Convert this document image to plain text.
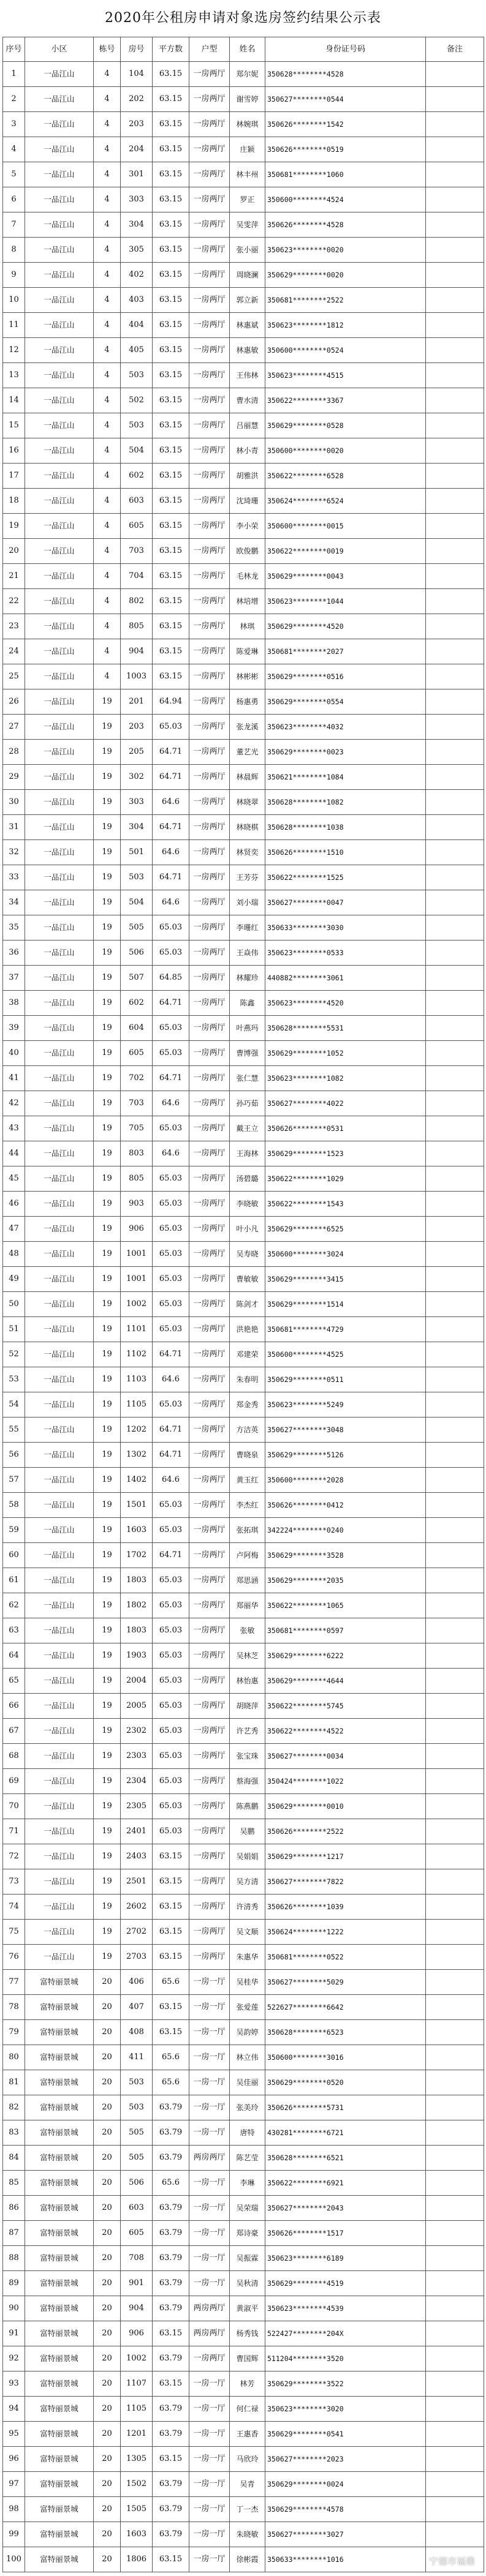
2020年公租房申请对象选房签约结果公示表
序号	小区	栋号	房号	平方数	户型	姓名	身份证号码	备注
1	一品江山	4	104	63.15	一房两厅	郑尔妮	350628********4528	
2	一品江山	4	202	63.15	一房两厅	谢雪婷	350627********0544	
3	一品江山	4	203	63.15	一房两厅	林婉琪	350626********1542	
4	一品江山	4	204	63.15	一房两厅	庄颖	350626********0519	
5	一品江山	4	301	63.15	一房两厅	林丰州	350681********1060	
6	一品江山	4	303	63.15	一房两厅	罗正	350600********4524	
7	一品江山	4	304	63.15	一房两厅	吴雯萍	350626********4528	
8	一品江山	4	305	63.15	一房两厅	张小丽	350623********0020	
9	一品江山	4	402	63.15	一房两厅	周晓澜	350629********0020	
10	一品江山	4	403	63.15	一房两厅	郭立新	350681********2522	
11	一品江山	4	404	63.15	一房两厅	林惠斌	350623********1812	
12	一品江山	4	405	63.15	一房两厅	林惠敏	350600********0524	
13	一品江山	4	503	63.15	一房两厅	王伟林	350623********4515	
14	一品江山	4	502	63.15	一房两厅	曹水清	350622********3367	
15	一品江山	4	503	63.15	一房两厅	吕丽慧	350629********0528	
16	一品江山	4	504	63.15	一房两厅	林小青	350600********0020	
17	一品江山	4	602	63.15	一房两厅	胡雅洪	350622********6528	
18	一品江山	4	603	63.15	一房两厅	沈琦珊	350624********6524	
19	一品江山	4	605	63.15	一房两厅	李小荣	350600********0015	
20	一品江山	4	703	63.15	一房两厅	欧俊鹏	350622********0019	
21	一品江山	4	704	63.15	一房两厅	毛林龙	350629********0043	
22	一品江山	4	802	63.15	一房两厅	林培增	350623********1044	
23	一品江山	4	805	63.15	一房两厅	林琪	350629********4520	
24	一品江山	4	904	63.15	一房两厅	陈爱琳	350681********2027	
25	一品江山	4	1003	63.15	一房两厅	林彬彬	350629********0516	
26	一品江山	19	201	64.94	一房两厅	杨惠勇	350629********0554	
27	一品江山	19	203	65.03	一房两厅	张龙溪	350623********4032	
28	一品江山	19	205	64.71	一房两厅	董艺光	350629********0023	
29	一品江山	19	302	64.71	一房两厅	林晨辉	350621********1084	
30	一品江山	19	303	64.6	一房两厅	林晓翠	350628********1082	
31	一品江山	19	304	64.71	一房两厅	林晓棋	350628********1038	
32	一品江山	19	501	64.6	一房两厅	林贤奕	350626********1510	
33	一品江山	19	503	64.71	一房两厅	王芳芬	350622********1525	
34	一品江山	19	504	64.6	一房两厅	刘小瑞	350627********0047	
35	一品江山	19	505	65.03	一房两厅	李珊红	350633********3030	
36	一品江山	19	506	65.03	一房两厅	王焱伟	350623********0533	
37	一品江山	19	507	64.85	一房两厅	林耀珍	440882********3061	
38	一品江山	19	602	64.71	一房两厅	陈鑫	350623********4520	
39	一品江山	19	604	65.03	一房两厅	叶燕玛	350628********5531	
40	一品江山	19	605	65.03	一房两厅	曹博强	350629********1052	
41	一品江山	19	702	64.71	一房两厅	张仁慧	350623********1082	
42	一品江山	19	703	64.6	一房两厅	孙巧茹	350627********4022	
43	一品江山	19	705	65.03	一房两厅	戴王立	350626********0531	
44	一品江山	19	803	64.6	一房两厅	王海林	350629********1523	
45	一品江山	19	805	65.03	一房两厅	汤碧璐	350622********1029	
46	一品江山	19	903	65.03	一房两厅	李晓敏	350622********1543	
47	一品江山	19	906	65.03	一房两厅	叶小凡	350629********6525	
48	一品江山	19	1001	65.03	一房两厅	吴寿晓	350600********3024	
49	一品江山	19	1001	65.03	一房两厅	曹敏敏	350629********3415	
50	一品江山	19	1002	65.03	一房两厅	陈剑才	350629********1514	
51	一品江山	19	1101	65.03	一房两厅	洪艳艳	350681********4729	
52	一品江山	19	1102	64.71	一房两厅	邓建荣	350600********4525	
53	一品江山	19	1103	64.6	一房两厅	朱春明	350629********0511	
54	一品江山	19	1105	65.03	一房两厅	郑金秀	350623********5249	
55	一品江山	19	1202	64.71	一房两厅	方洁英	350627********3048	
56	一品江山	19	1302	64.71	一房两厅	曹晓泉	350629********5126	
57	一品江山	19	1402	64.6	一房两厅	黄玉红	350600********2028	
58	一品江山	19	1501	65.03	一房两厅	李杰红	350626********0412	
59	一品江山	19	1603	65.03	一房两厅	张拓琪	342224********0240	
60	一品江山	19	1702	64.71	一房两厅	卢阿梅	350629********3528	
61	一品江山	19	1803	65.03	一房两厅	郑思涵	350629********2035	
62	一品江山	19	1802	65.03	一房两厅	郑丽华	350622********1065	
63	一品江山	19	1803	65.03	一房两厅	张敏	350681********0597	
64	一品江山	19	1903	65.03	一房两厅	吴林芝	350629********6222	
65	一品江山	19	2004	65.03	一房两厅	林怡惠	350629********4644	
66	一品江山	19	2005	65.03	一房两厅	胡晓萍	350622********5745	
67	一品江山	19	2302	65.03	一房两厅	许艺秀	350622********4522	
68	一品江山	19	2303	65.03	一房两厅	张宝珠	350627********0034	
69	一品江山	19	2304	65.03	一房两厅	蔡海强	350424********1022	
70	一品江山	19	2305	65.03	一房两厅	陈燕鹏	350629********0010	
71	一品江山	19	2401	65.03	一房两厅	吴鹏	350626********2522	
72	一品江山	19	2403	63.15	一房两厅	吴娟娟	350629********1217	
73	一品江山	19	2501	63.15	一房两厅	吴方清	350627********7822	
74	一品江山	19	2602	63.15	一房两厅	许清秀	350626********1039	
75	一品江山	19	2702	63.15	一房两厅	吴文顺	350624********1222	
76	一品江山	19	2703	63.15	一房两厅	朱惠华	350681********0522	
77	富特丽景城	20	406	65.6	一房一厅	吴桂华	350627********5029	
78	富特丽景城	20	407	63.15	一房一厅	张爱莲	522627********6642	
79	富特丽景城	20	408	63.15	一房一厅	吴韵婷	350628********6523	
80	富特丽景城	20	411	65.6	一房一厅	林立伟	350600********3016	
81	富特丽景城	20	503	65.6	一房一厅	吴佳丽	350629********0520	
82	富特丽景城	20	503	63.79	一房一厅	张美玲	350626********5731	
83	富特丽景城	20	505	63.79	一房一厅	唐特	430281********6721	
84	富特丽景城	20	505	63.79	两房两厅	陈艺莹	350628********6521	
85	富特丽景城	20	506	65.6	一房一厅	李琳	350622********6921	
86	富特丽景城	20	603	63.79	一房一厅	吴荣瑞	350627********2043	
87	富特丽景城	20	605	63.79	一房一厅	郑诗豪	350626********1517	
88	富特丽景城	20	708	63.79	一房一厅	吴振霖	350623********6189	
89	富特丽景城	20	901	63.79	一房一厅	吴秋清	350629********4519	
90	富特丽景城	20	904	63.79	两房两厅	黄淑平	350623********4539	
91	富特丽景城	20	906	63.15	两房两厅	杨秀钱	522427********204X	
92	富特丽景城	20	1002	63.79	一房两厅	曹国辉	511204********3520	
93	富特丽景城	20	1107	63.15	一房一厅	林芳	350629********3522	
94	富特丽景城	20	1105	63.79	一房一厅	何仁禄	350623********3020	
95	富特丽景城	20	1201	63.79	一房一厅	王惠香	350629********0541	
96	富特丽景城	20	1305	63.15	一房一厅	马欣玲	350627********2023	
97	富特丽景城	20	1502	63.79	一房一厅	吴青	350629********0024	
98	富特丽景城	20	1505	63.79	一房一厅	丁一杰	350629********4578	
99	富特丽景城	20	1603	63.79	一房一厅	朱晓敏	350627********3027	
100	富特丽景城	20	1806	63.15	一房一厅	徐彬霞	350633********1016		宁德市福鼎
